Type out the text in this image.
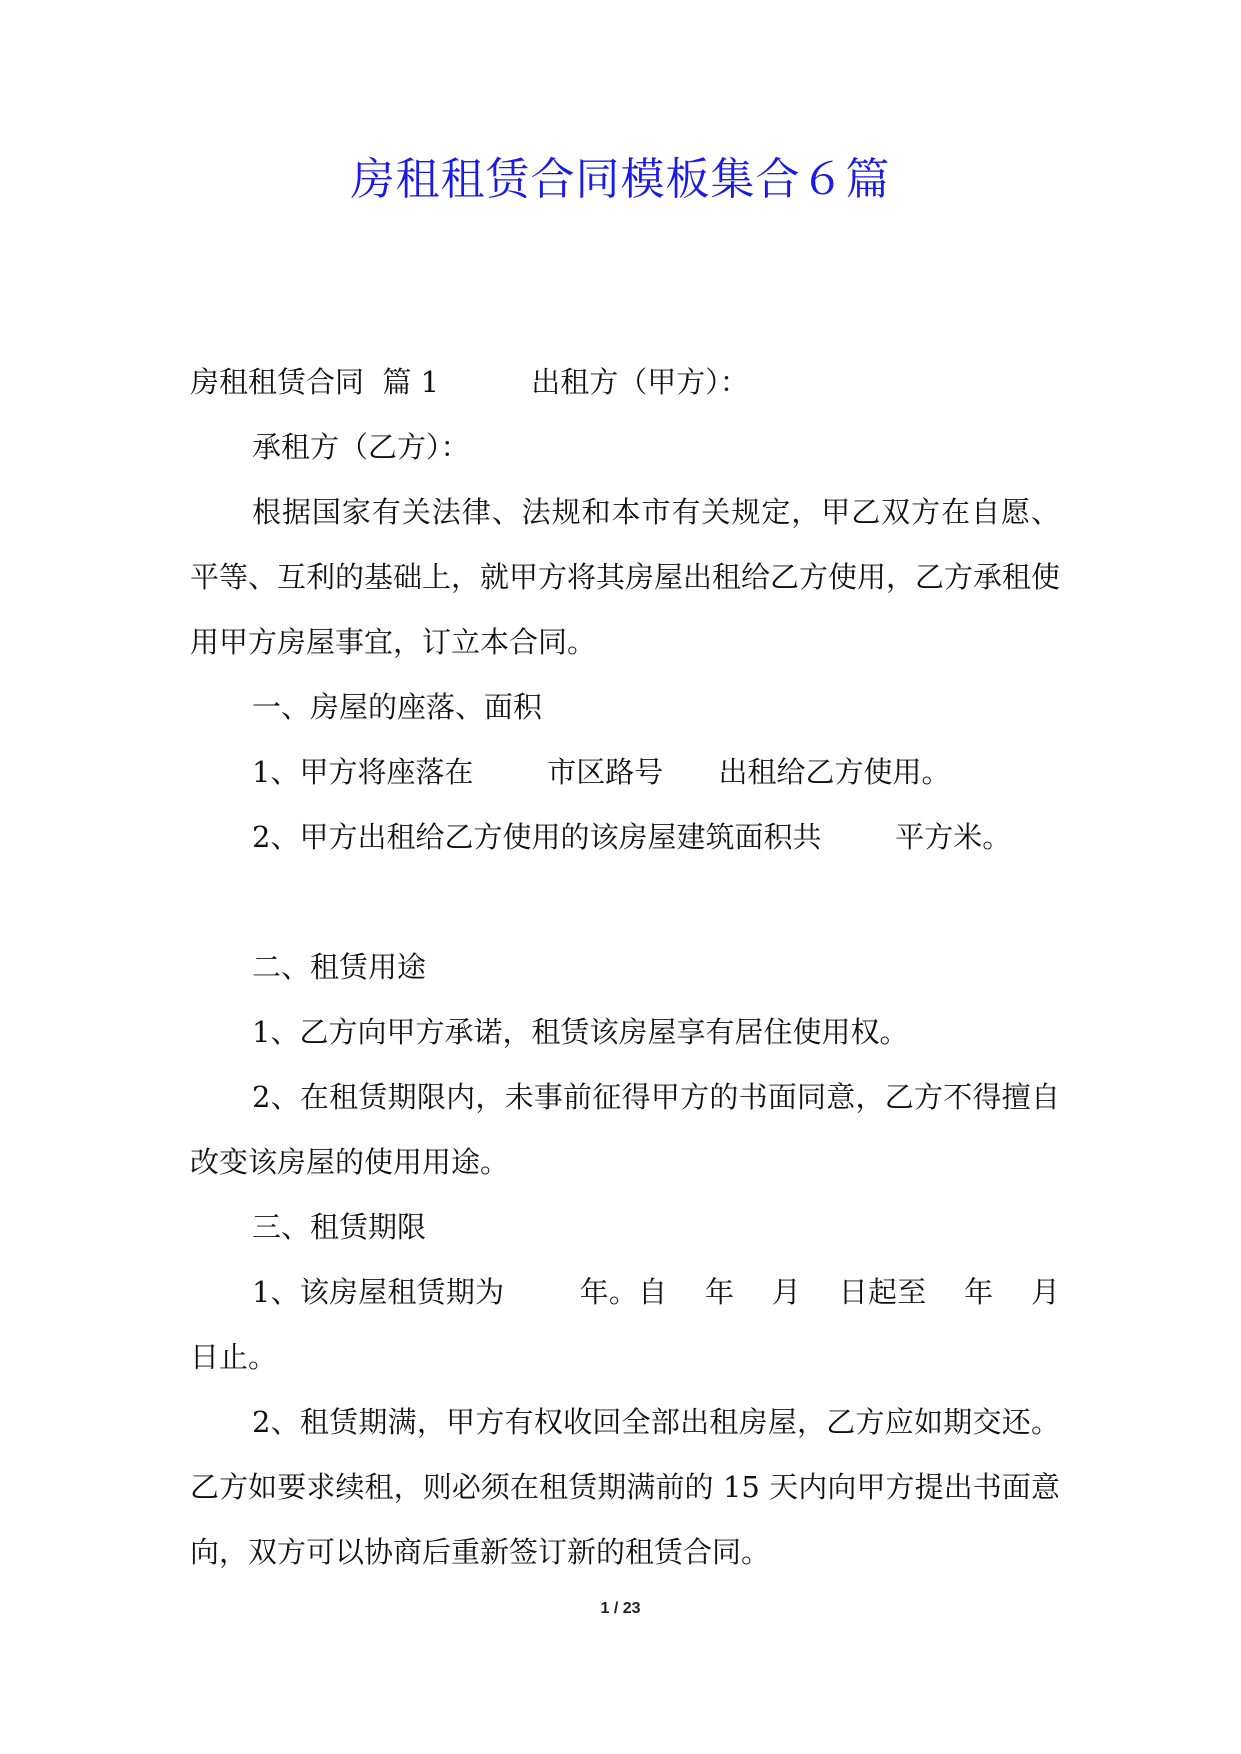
房租租赁合同模板集合６篇

房租租赁合同  篇 1          出租方（甲方）：

承租方（乙方）：

根据国家有关法律、法规和本市有关规定，甲乙双方在自愿、平等、互利的基础上，就甲方将其房屋出租给乙方使用，乙方承租使用甲方房屋事宜，订立本合同。

一、房屋的座落、面积

1、甲方将座落在        市区路号      出租给乙方使用。

2、甲方出租给乙方使用的该房屋建筑面积共        平方米。

二、租赁用途

1、乙方向甲方承诺，租赁该房屋享有居住使用权。

2、在租赁期限内，未事前征得甲方的书面同意，乙方不得擅自改变该房屋的使用用途。

三、租赁期限

1、该房屋租赁期为        年。自    年    月    日起至    年    月日止。

2、租赁期满，甲方有权收回全部出租房屋，乙方应如期交还。乙方如要求续租，则必须在租赁期满前的 15 天内向甲方提出书面意向，双方可以协商后重新签订新的租赁合同。

1 / 23
